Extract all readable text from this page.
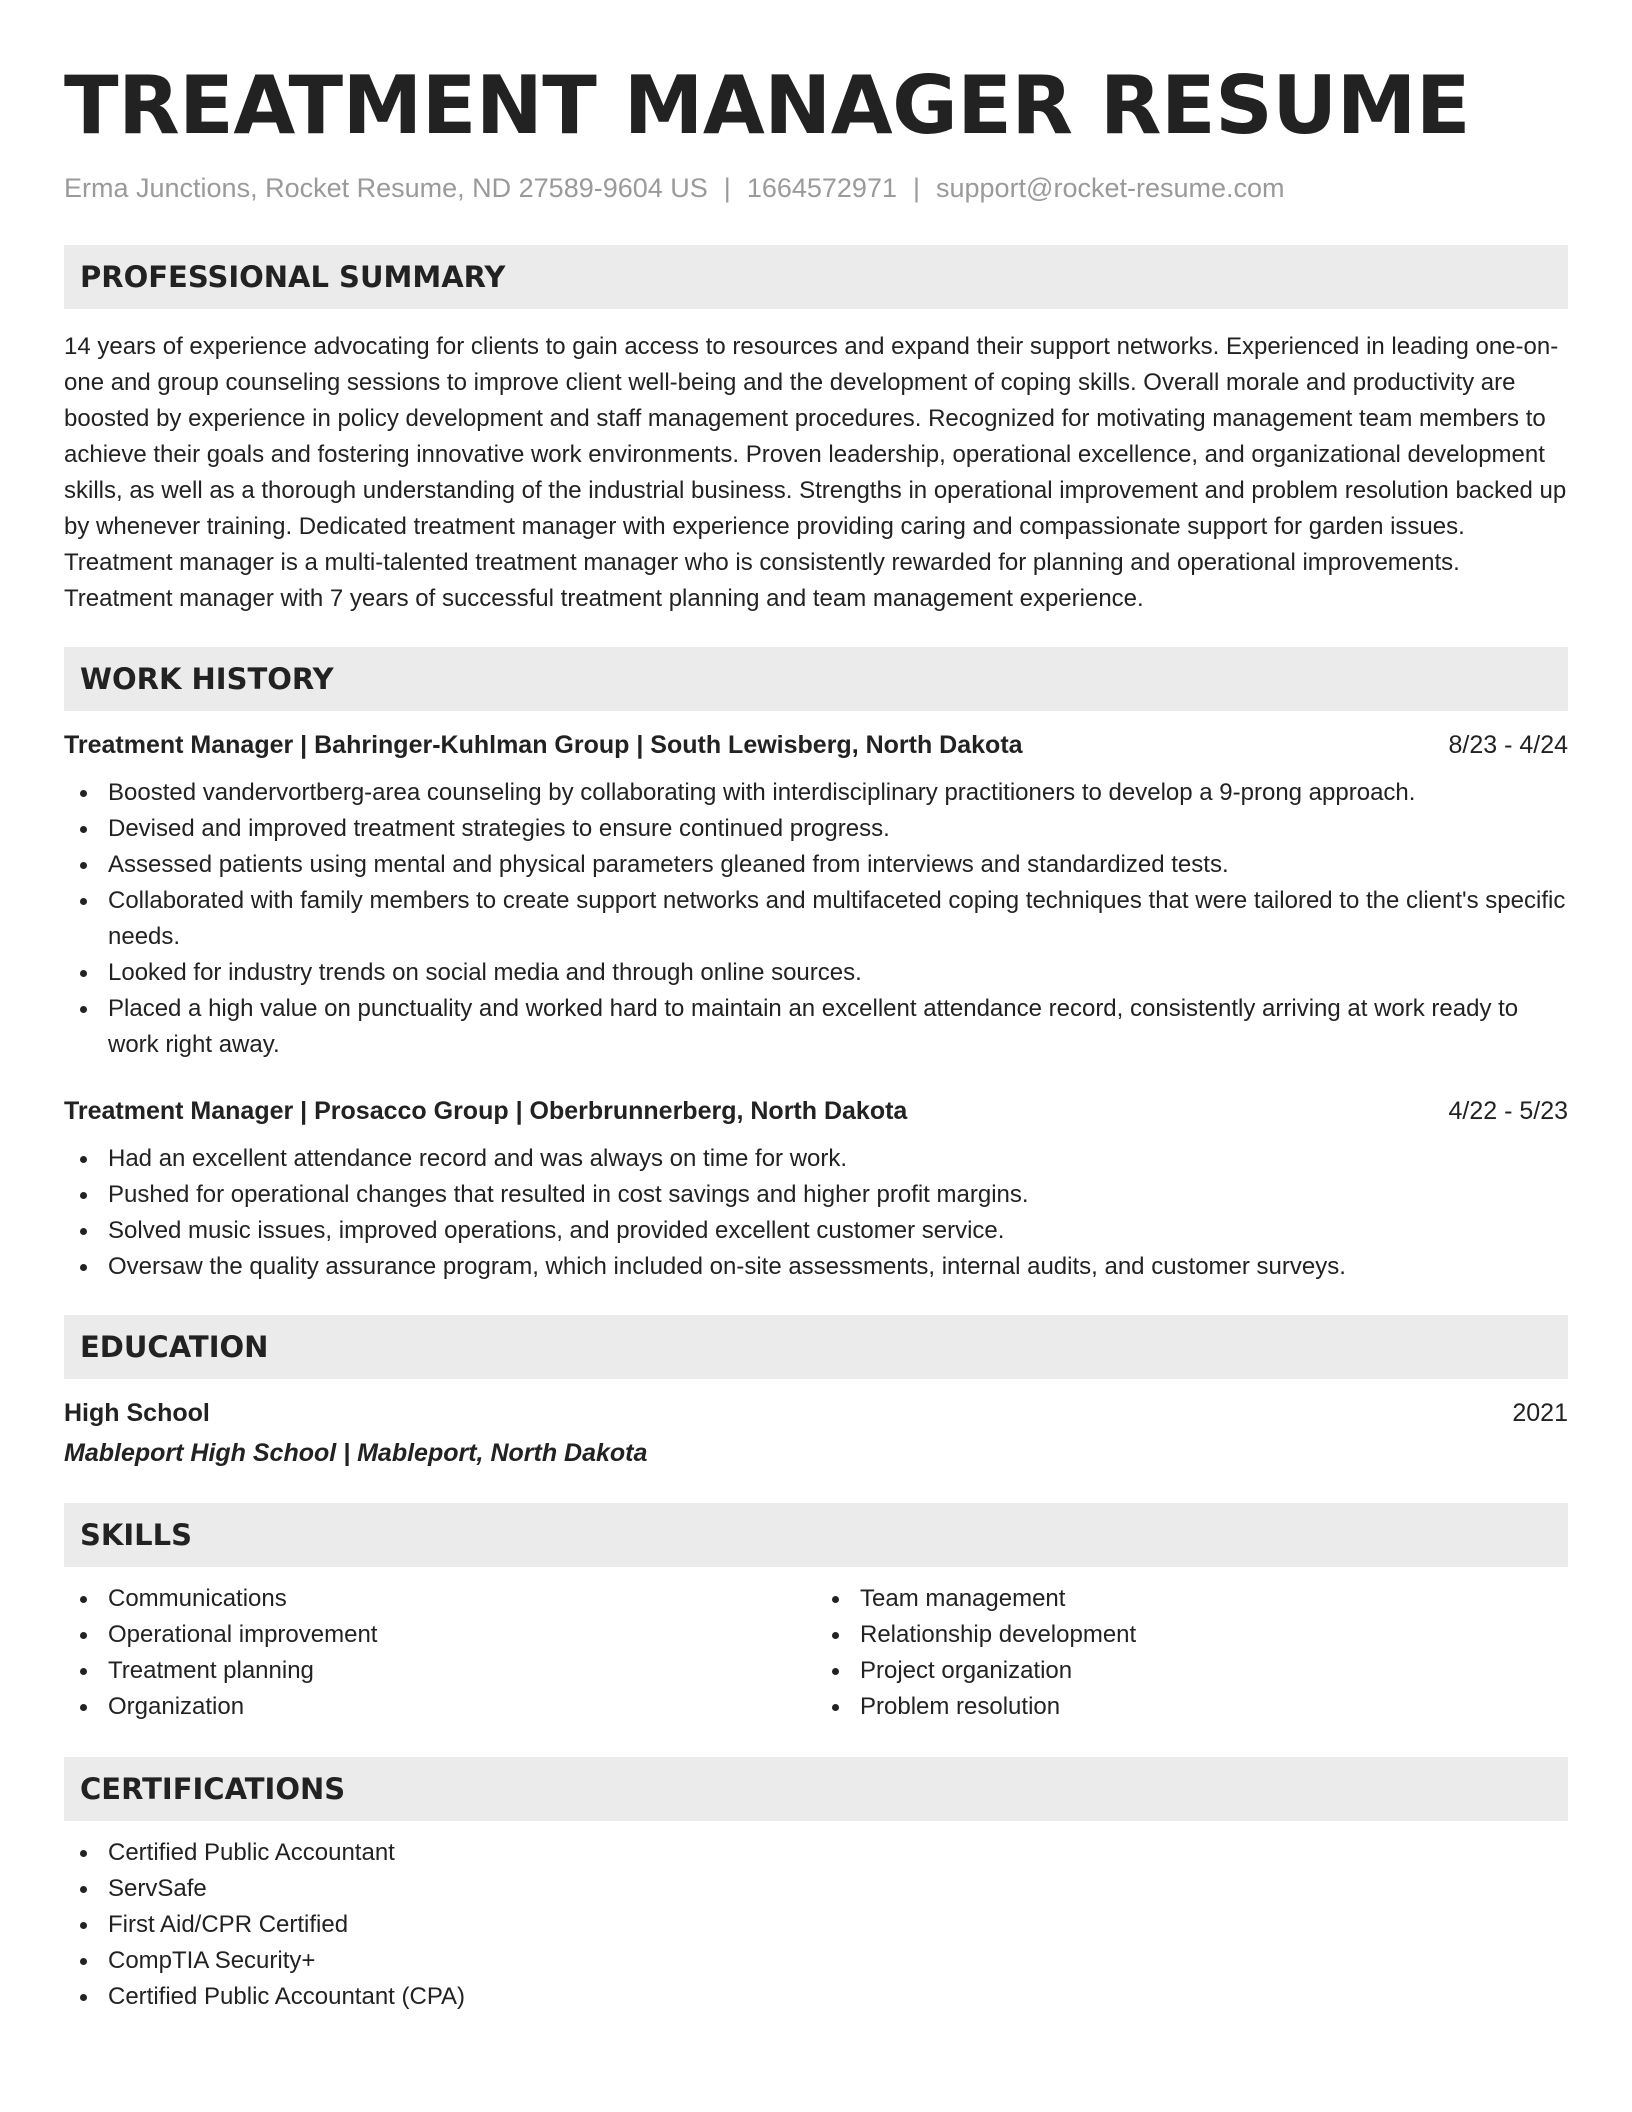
TREATMENT MANAGER RESUME
Erma Junctions, Rocket Resume, ND 27589-9604 US | 1664572971 | support@rocket-resume.com
PROFESSIONAL SUMMARY
14 years of experience advocating for clients to gain access to resources and expand their support networks. Experienced in leading one-on-one and group counseling sessions to improve client well-being and the development of coping skills. Overall morale and productivity are boosted by experience in policy development and staff management procedures. Recognized for motivating management team members to achieve their goals and fostering innovative work environments. Proven leadership, operational excellence, and organizational development skills, as well as a thorough understanding of the industrial business. Strengths in operational improvement and problem resolution backed up by whenever training. Dedicated treatment manager with experience providing caring and compassionate support for garden issues. Treatment manager is a multi-talented treatment manager who is consistently rewarded for planning and operational improvements. Treatment manager with 7 years of successful treatment planning and team management experience.
WORK HISTORY
Treatment Manager | Bahringer-Kuhlman Group | South Lewisberg, North Dakota	8/23 - 4/24
Boosted vandervortberg-area counseling by collaborating with interdisciplinary practitioners to develop a 9-prong approach.
Devised and improved treatment strategies to ensure continued progress.
Assessed patients using mental and physical parameters gleaned from interviews and standardized tests.
Collaborated with family members to create support networks and multifaceted coping techniques that were tailored to the client's specific needs.
Looked for industry trends on social media and through online sources.
Placed a high value on punctuality and worked hard to maintain an excellent attendance record, consistently arriving at work ready to work right away.
Treatment Manager | Prosacco Group | Oberbrunnerberg, North Dakota	4/22 - 5/23
Had an excellent attendance record and was always on time for work.
Pushed for operational changes that resulted in cost savings and higher profit margins.
Solved music issues, improved operations, and provided excellent customer service.
Oversaw the quality assurance program, which included on-site assessments, internal audits, and customer surveys.
EDUCATION
High School	2021
Mableport High School | Mableport, North Dakota
SKILLS
Communications
Operational improvement
Treatment planning
Organization
Team management
Relationship development
Project organization
Problem resolution
CERTIFICATIONS
Certified Public Accountant
ServSafe
First Aid/CPR Certified
CompTIA Security+
Certified Public Accountant (CPA)
